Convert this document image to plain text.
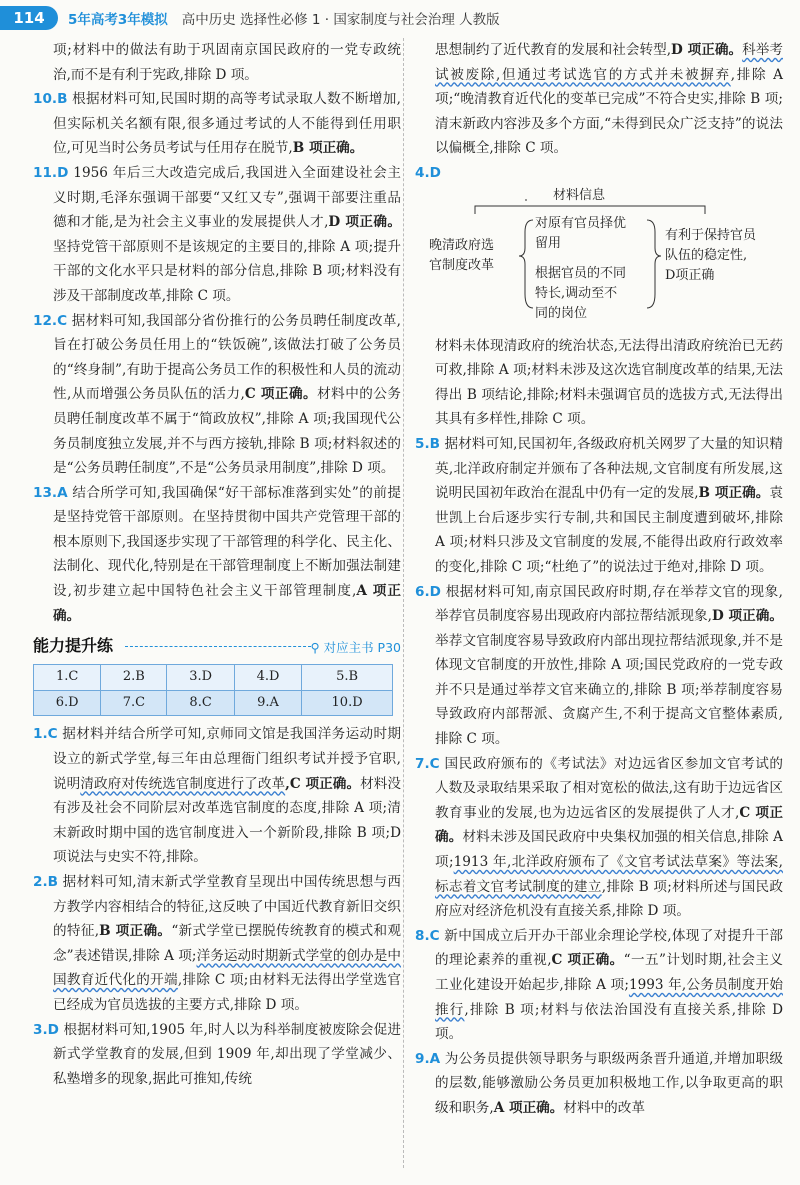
114	5年高考3年模拟 高中历史 选择性必修 1 · 国家制度与社会治理 人教版

项;材料中的做法有助于巩固南京国民政府的一党专政统治,而不是有利于宪政,排除 D 项。

10.B 根据材料可知,民国时期的高等考试录取人数不断增加,但实际机关名额有限,很多通过考试的人不能得到任用职位,可见当时公务员考试与任用存在脱节,B 项正确。

11.D 1956 年后三大改造完成后,我国进入全面建设社会主义时期,毛泽东强调干部要“又红又专”,强调干部要注重品德和才能,是为社会主义事业的发展提供人才,D 项正确。坚持党管干部原则不是该规定的主要目的,排除 A 项;提升干部的文化水平只是材料的部分信息,排除 B 项;材料没有涉及干部制度改革,排除 C 项。

12.C 据材料可知,我国部分省份推行的公务员聘任制度改革,旨在打破公务员任用上的“铁饭碗”,该做法打破了公务员的“终身制”,有助于提高公务员工作的积极性和人员的流动性,从而增强公务员队伍的活力,C 项正确。材料中的公务员聘任制度改革不属于“简政放权”,排除 A 项;我国现代公务员制度独立发展,并不与西方接轨,排除 B 项;材料叙述的是“公务员聘任制度”,不是“公务员录用制度”,排除 D 项。

13.A 结合所学可知,我国确保“好干部标准落到实处”的前提是坚持党管干部原则。在坚持贯彻中国共产党管理干部的根本原则下,我国逐步实现了干部管理的科学化、民主化、法制化、现代化,特别是在干部管理制度上不断加强法制建设,初步建立起中国特色社会主义干部管理制度,A 项正确。

能力提升练	⚲ 对应主书 P30
1.C	2.B	3.D	4.D	5.B
6.D	7.C	8.C	9.A	10.D

1.C 据材料并结合所学可知,京师同文馆是我国洋务运动时期设立的新式学堂,每三年由总理衙门组织考试并授予官职,说明清政府对传统选官制度进行了改革,C 项正确。材料没有涉及社会不同阶层对改革选官制度的态度,排除 A 项;清末新政时期中国的选官制度进入一个新阶段,排除 B 项;D 项说法与史实不符,排除。

2.B 据材料可知,清末新式学堂教育呈现出中国传统思想与西方教学内容相结合的特征,这反映了中国近代教育新旧交织的特征,B 项正确。“新式学堂已摆脱传统教育的模式和观念”表述错误,排除 A 项;洋务运动时期新式学堂的创办是中国教育近代化的开端,排除 C 项;由材料无法得出学堂选官已经成为官员选拔的主要方式,排除 D 项。

3.D 根据材料可知,1905 年,时人以为科举制度被废除会促进新式学堂教育的发展,但到 1909 年,却出现了学堂减少、私塾增多的现象,据此可推知,传统

思想制约了近代教育的发展和社会转型,D 项正确。科举考试被废除,但通过考试选官的方式并未被摒弃,排除 A 项;“晚清教育近代化的变革已完成”不符合史实,排除 B 项;清末新政内容涉及多个方面,“未得到民众广泛支持”的说法以偏概全,排除 C 项。

4.D

材料信息
晚清政府选
官制度改革
对原有官员择优
留用
根据官员的不同
特长,调动至不
同的岗位
有利于保持官员
队伍的稳定性,
D项正确

材料未体现清政府的统治状态,无法得出清政府统治已无药可救,排除 A 项;材料未涉及这次选官制度改革的结果,无法得出 B 项结论,排除;材料未强调官员的选拔方式,无法得出其具有多样性,排除 C 项。

5.B 据材料可知,民国初年,各级政府机关网罗了大量的知识精英,北洋政府制定并颁布了各种法规,文官制度有所发展,这说明民国初年政治在混乱中仍有一定的发展,B 项正确。袁世凯上台后逐步实行专制,共和国民主制度遭到破坏,排除 A 项;材料只涉及文官制度的发展,不能得出政府行政效率的变化,排除 C 项;“杜绝了”的说法过于绝对,排除 D 项。

6.D 根据材料可知,南京国民政府时期,存在举荐文官的现象,举荐官员制度容易出现政府内部拉帮结派现象,D 项正确。举荐文官制度容易导致政府内部出现拉帮结派现象,并不是体现文官制度的开放性,排除 A 项;国民党政府的一党专政并不只是通过举荐文官来确立的,排除 B 项;举荐制度容易导致政府内部帮派、贪腐产生,不利于提高文官整体素质,排除 C 项。

7.C 国民政府颁布的《考试法》对边远省区参加文官考试的人数及录取结果采取了相对宽松的做法,这有助于边远省区教育事业的发展,也为边远省区的发展提供了人才,C 项正确。材料未涉及国民政府中央集权加强的相关信息,排除 A 项;1913 年,北洋政府颁布了《文官考试法草案》等法案,标志着文官考试制度的建立,排除 B 项;材料所述与国民政府应对经济危机没有直接关系,排除 D 项。

8.C 新中国成立后开办干部业余理论学校,体现了对提升干部的理论素养的重视,C 项正确。“一五”计划时期,社会主义工业化建设开始起步,排除 A 项;1993 年,公务员制度开始推行,排除 B 项;材料与依法治国没有直接关系,排除 D 项。

9.A 为公务员提供领导职务与职级两条晋升通道,并增加职级的层数,能够激励公务员更加积极地工作,以争取更高的职级和职务,A 项正确。材料中的改革
